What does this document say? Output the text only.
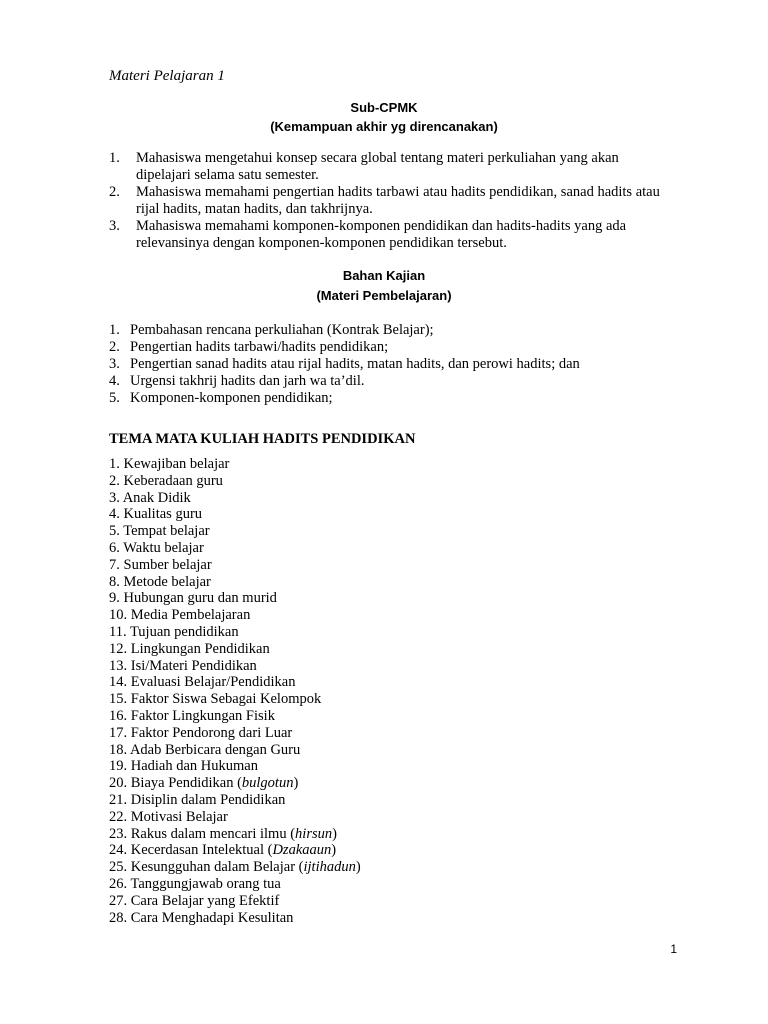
Materi Pelajaran 1
Sub-CPMK
(Kemampuan akhir yg direncanakan)
1. Mahasiswa mengetahui konsep secara global tentang materi perkuliahan yang akan dipelajari selama satu semester.
2. Mahasiswa memahami pengertian hadits tarbawi atau hadits pendidikan, sanad hadits atau rijal hadits, matan hadits, dan takhrijnya.
3. Mahasiswa memahami komponen-komponen pendidikan dan hadits-hadits yang ada relevansinya dengan komponen-komponen pendidikan tersebut.
Bahan Kajian
(Materi Pembelajaran)
1. Pembahasan rencana perkuliahan (Kontrak Belajar);
2. Pengertian hadits tarbawi/hadits pendidikan;
3. Pengertian sanad hadits atau rijal hadits, matan hadits, dan perowi hadits; dan
4. Urgensi takhrij hadits dan jarh wa ta’dil.
5. Komponen-komponen pendidikan;
TEMA MATA KULIAH HADITS PENDIDIKAN
1. Kewajiban belajar
2. Keberadaan guru
3. Anak Didik
4. Kualitas guru
5. Tempat belajar
6. Waktu belajar
7. Sumber belajar
8. Metode belajar
9. Hubungan guru dan murid
10. Media Pembelajaran
11. Tujuan pendidikan
12. Lingkungan Pendidikan
13. Isi/Materi Pendidikan
14. Evaluasi Belajar/Pendidikan
15. Faktor Siswa Sebagai Kelompok
16. Faktor Lingkungan Fisik
17. Faktor Pendorong dari Luar
18. Adab Berbicara dengan Guru
19. Hadiah dan Hukuman
20. Biaya Pendidikan (bulgotun)
21. Disiplin dalam Pendidikan
22. Motivasi Belajar
23. Rakus dalam mencari ilmu (hirsun)
24. Kecerdasan Intelektual (Dzakaaun)
25. Kesungguhan dalam Belajar (ijtihadun)
26. Tanggungjawab orang tua
27. Cara Belajar yang Efektif
28. Cara Menghadapi Kesulitan
1
